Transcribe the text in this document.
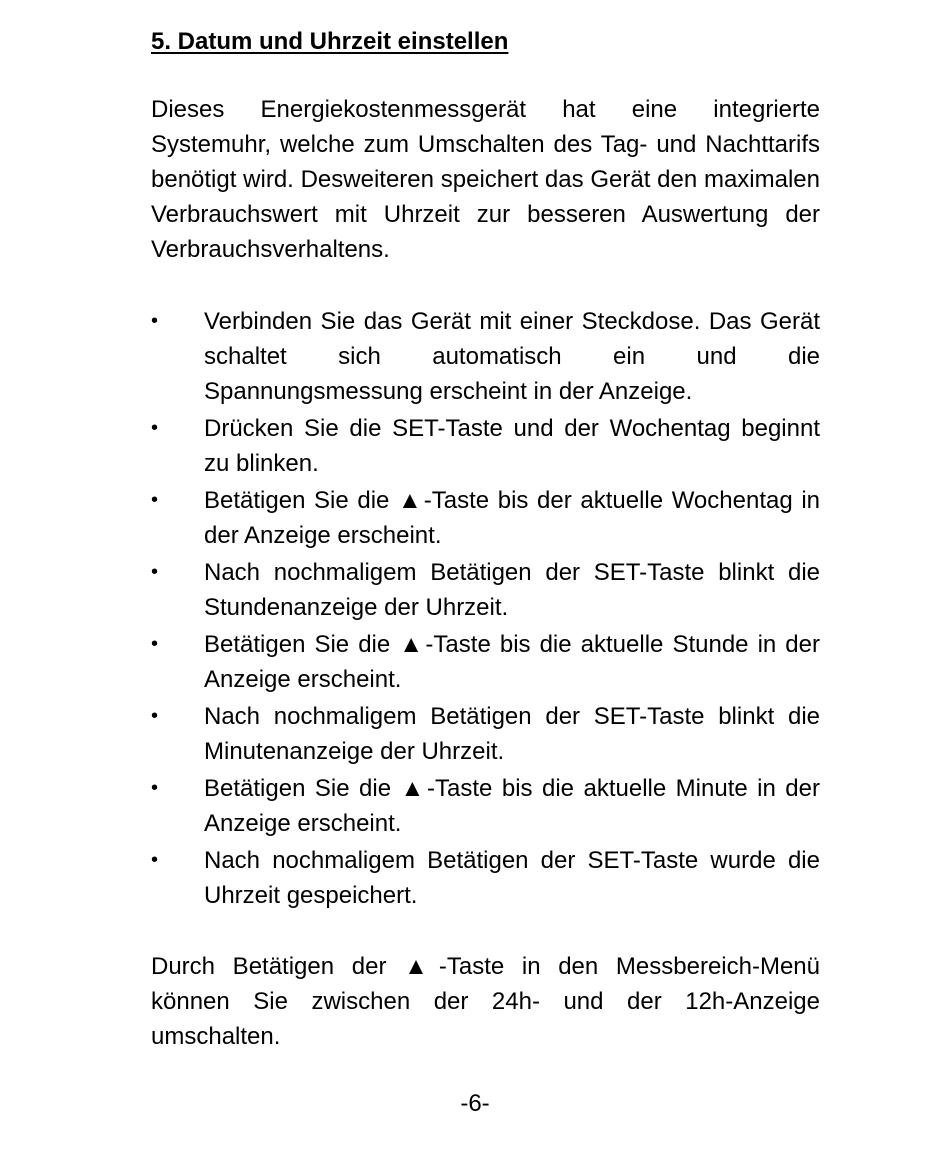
5. Datum und Uhrzeit einstellen

Dieses Energiekostenmessgerät hat eine integrierte Systemuhr, welche zum Umschalten des Tag- und Nachttarifs benötigt wird. Desweiteren speichert das Gerät den maximalen Verbrauchswert mit Uhrzeit zur besseren Auswertung der Verbrauchsverhaltens.

•	Verbinden Sie das Gerät mit einer Steckdose. Das Gerät schaltet sich automatisch ein und die Spannungsmessung erscheint in der Anzeige.
•	Drücken Sie die SET-Taste und der Wochentag beginnt zu blinken.
•	Betätigen Sie die ▲-Taste bis der aktuelle Wochentag in der Anzeige erscheint.
•	Nach nochmaligem Betätigen der SET-Taste blinkt die Stundenanzeige der Uhrzeit.
•	Betätigen Sie die ▲-Taste bis die aktuelle Stunde in der Anzeige erscheint.
•	Nach nochmaligem Betätigen der SET-Taste blinkt die Minutenanzeige der Uhrzeit.
•	Betätigen Sie die ▲-Taste bis die aktuelle Minute in der Anzeige erscheint.
•	Nach nochmaligem Betätigen der SET-Taste wurde die Uhrzeit gespeichert.

Durch Betätigen der ▲-Taste in den Messbereich-Menü können Sie zwischen der 24h- und der 12h-Anzeige umschalten.

-6-
